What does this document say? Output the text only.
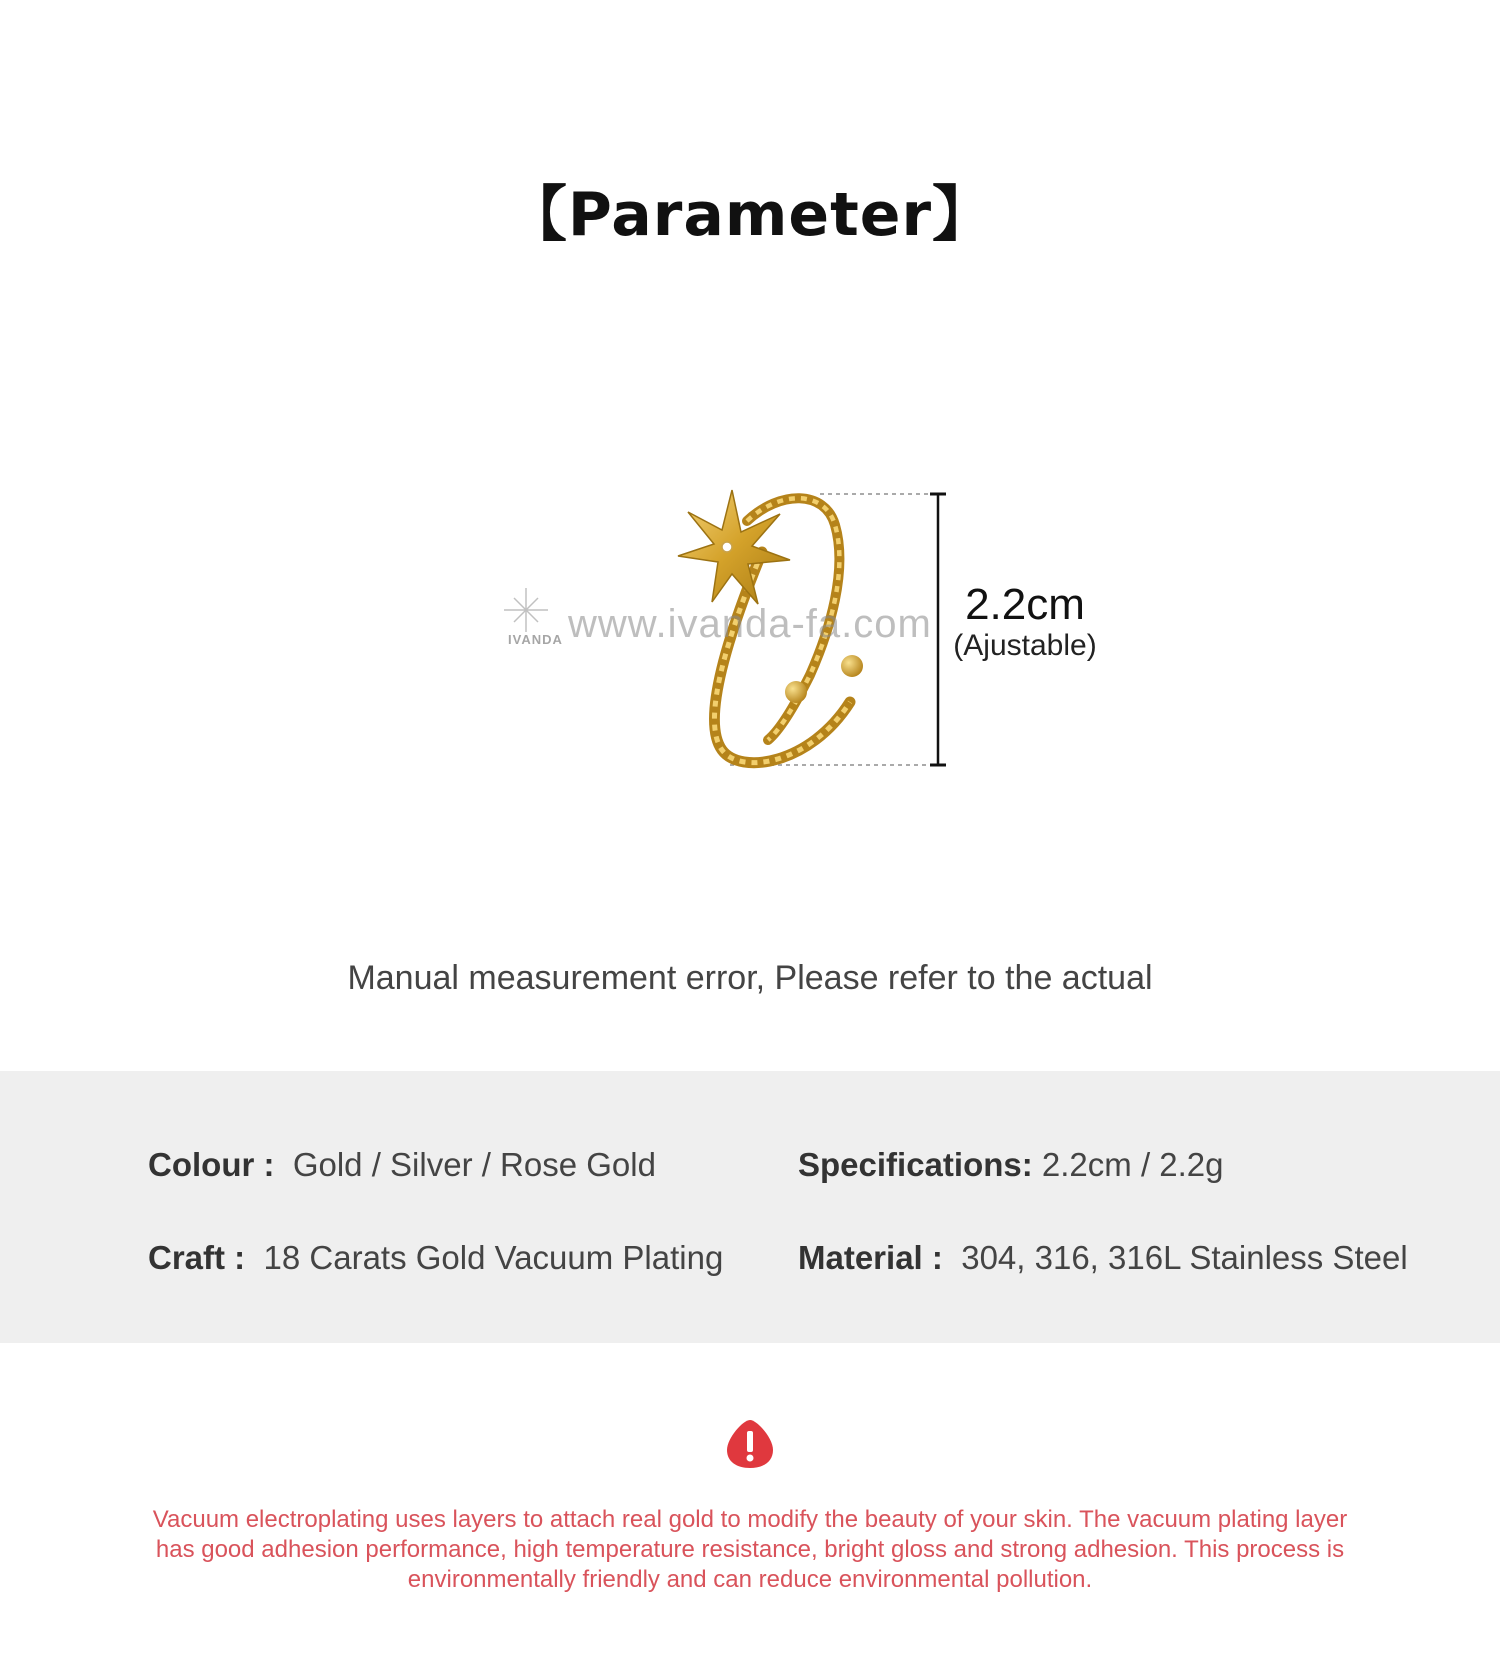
【Parameter】
www.ivanda-fa.com
IVANDA
2.2cm
(Ajustable)
Manual measurement error, Please refer to the actual
Colour : Gold / Silver / Rose Gold	Specifications: 2.2cm / 2.2g
Craft : 18 Carats Gold Vacuum Plating Material : 304, 316, 316L Stainless Steel
Vacuum electroplating uses layers to attach real gold to modify the beauty of your skin. The vacuum plating layer has good adhesion performance, high temperature resistance, bright gloss and strong adhesion. This process is environmentally friendly and can reduce environmental pollution.
